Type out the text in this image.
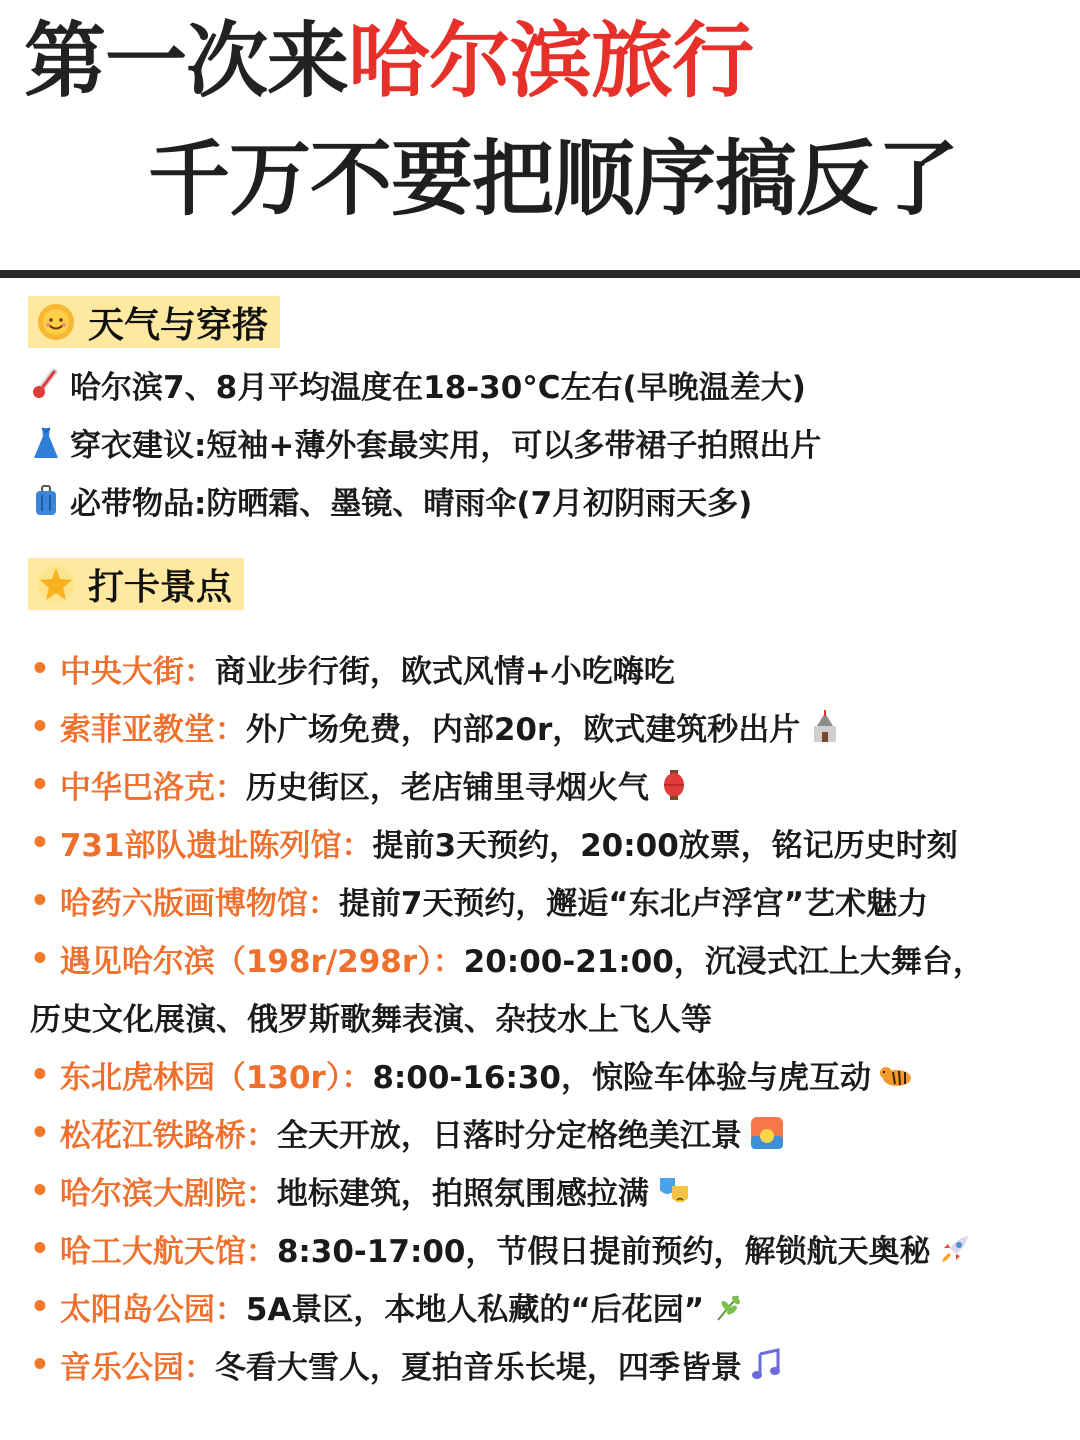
第一次来哈尔滨旅行
千万不要把顺序搞反了
天气与穿搭
哈尔滨7、8月平均温度在18-30°C左右(早晚温差大)
穿衣建议:短袖+薄外套最实用，可以多带裙子拍照出片
必带物品:防晒霜、墨镜、晴雨伞(7月初阴雨天多)
打卡景点
• 中央大街： 商业步行街，欧式风情+小吃嗨吃
• 索菲亚教堂： 外广场免费，内部20r，欧式建筑秒出片
• 中华巴洛克： 历史街区，老店铺里寻烟火气
• 731部队遗址陈列馆： 提前3天预约，20:00放票，铭记历史时刻
• 哈药六版画博物馆： 提前7天预约，邂逅“东北卢浮宫”艺术魅力
• 遇见哈尔滨（198r/298r）： 20:00-21:00，沉浸式江上大舞台，
历史文化展演、俄罗斯歌舞表演、杂技水上飞人等
• 东北虎林园（130r）： 8:00-16:30，惊险车体验与虎互动
• 松花江铁路桥： 全天开放，日落时分定格绝美江景
• 哈尔滨大剧院： 地标建筑，拍照氛围感拉满
• 哈工大航天馆： 8:30-17:00，节假日提前预约，解锁航天奥秘
• 太阳岛公园： 5A景区，本地人私藏的“后花园”
• 音乐公园： 冬看大雪人，夏拍音乐长堤，四季皆景
